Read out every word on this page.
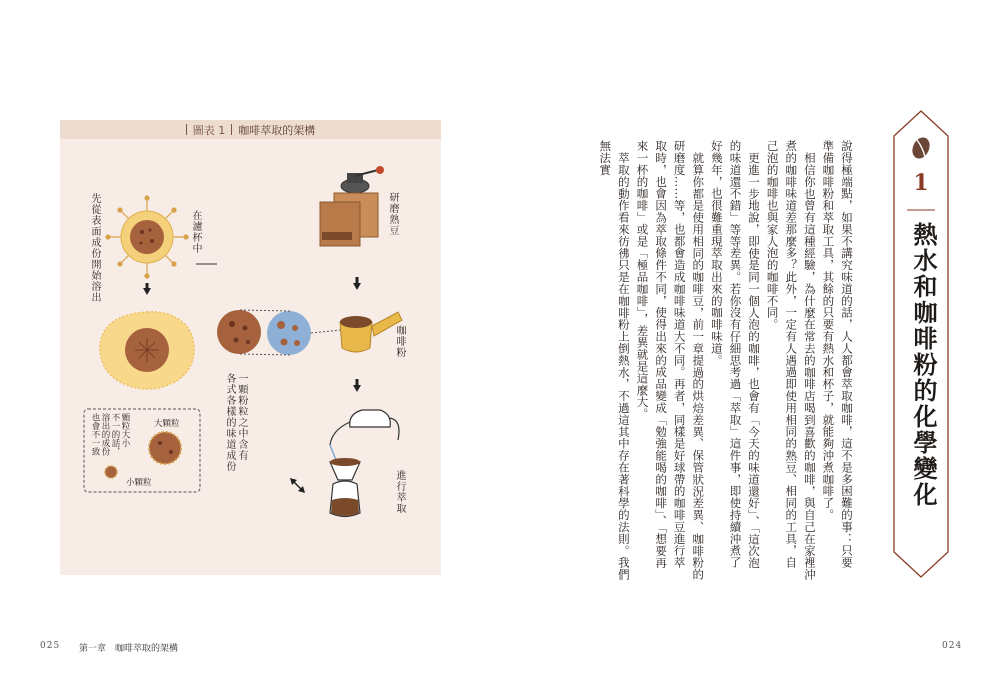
圖表 1 咖啡萃取的架構
研磨熟豆
咖啡粉
進行萃取
在濾杯中
先從表面成份開始溶出
一顆粉粒之中含有
各式各樣的味道成份
顆粒大小
不一的話，
溶出的成份
也會不一致	大顆粒
小顆粒
1
熱水和咖啡粉的化學變化

說得極端點，如果不講究味道的話，人人都會萃取咖啡，這不是多困難的事：只要準備咖啡粉和萃取工具，其餘的只要有熱水和杯子，就能夠沖煮咖啡了。

相信你也曾有這種經驗，為什麼在常去的咖啡店喝到喜歡的咖啡，與自己在家裡沖煮的咖啡味道差那麼多？此外，一定有人遇過即使用相同的熟豆、相同的工具，自己泡的咖啡也與家人泡的咖啡不同。

更進一步地說，即使是同一個人泡的咖啡，也會有「今天的味道還好」、「這次泡的味道還不錯」等等差異。若你沒有仔細思考過「萃取」這件事，即使持續沖煮了好幾年，也很難重現萃取出來的咖啡味道。

就算你都是使用相同的咖啡豆，前一章提過的烘焙差異、保管狀況差異、咖啡粉的研磨度……等，也都會造成咖啡味道大不同。再者，同樣是好球帶的咖啡豆進行萃取時，也會因為萃取條件不同，使得出來的成品變成「勉強能喝的咖啡」、「想要再來一杯的咖啡」或是「極品咖啡」，差異就是這麼大。

萃取的動作看來彷彿只是在咖啡粉上倒熱水，不過這其中存在著科學的法則。我們無法實

025 第一章　咖啡萃取的架構	024
